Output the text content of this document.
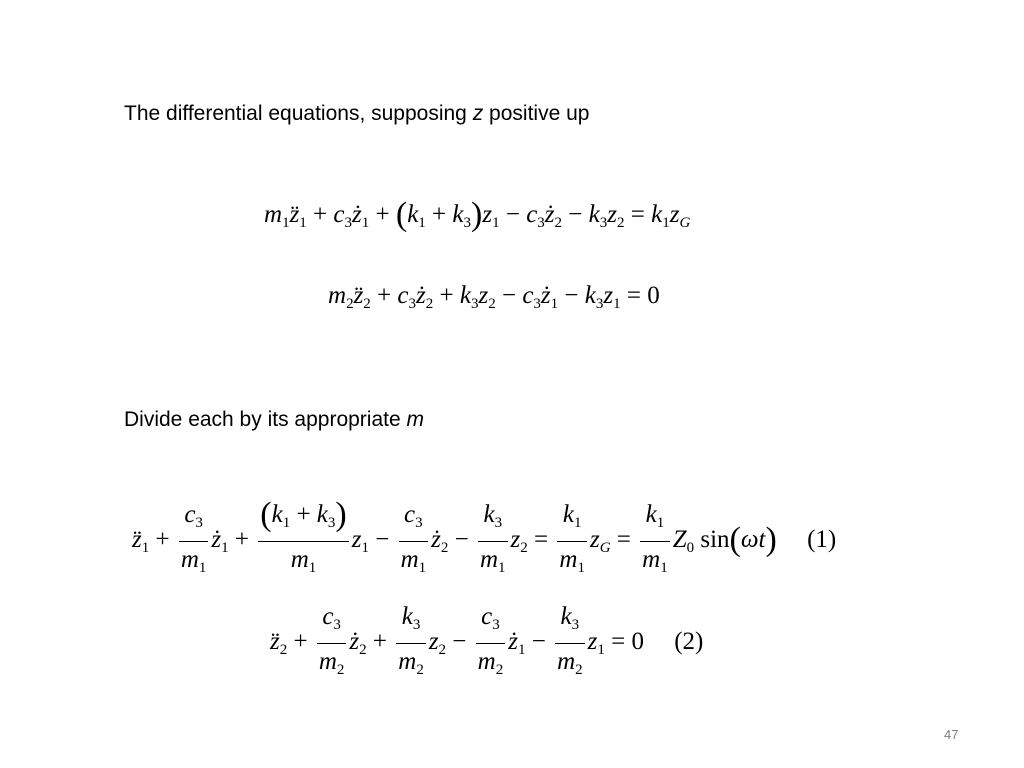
The differential equations, supposing z positive up
$m_1z̈_1$ + $c_3ż_1 + (k_1 + k_3)z_1$ − $c_3ż_2 - k_3z_2 = k_1z_G$
$m_2z̈_2$ + $c_3ż_2 + k_3z_2$ − $c_3ż_1 - k_3z_1 = 0$
Divide each by its appropriate m
$z̈_1 + \frac{c_3}{m_1}$ $ż_1 + \frac{(k_1 + k_3)}{m_1} z_1 - \frac{c_3}{m_1}$ $ż_2 - \frac{k_3}{m_1} z_2 = \frac{k_1}{m_1} z_G = \frac{k_1}{m_1} Z_0$ sin(ωt) (1)
$z̈_2 + \frac{c_3}{m_2}$ $ż_2 + \frac{k_3}{m_2} z_2 - \frac{c_3}{m_2}$ $ż_1 - \frac{k_3}{m_2} z_1 = 0$ (2)
47
